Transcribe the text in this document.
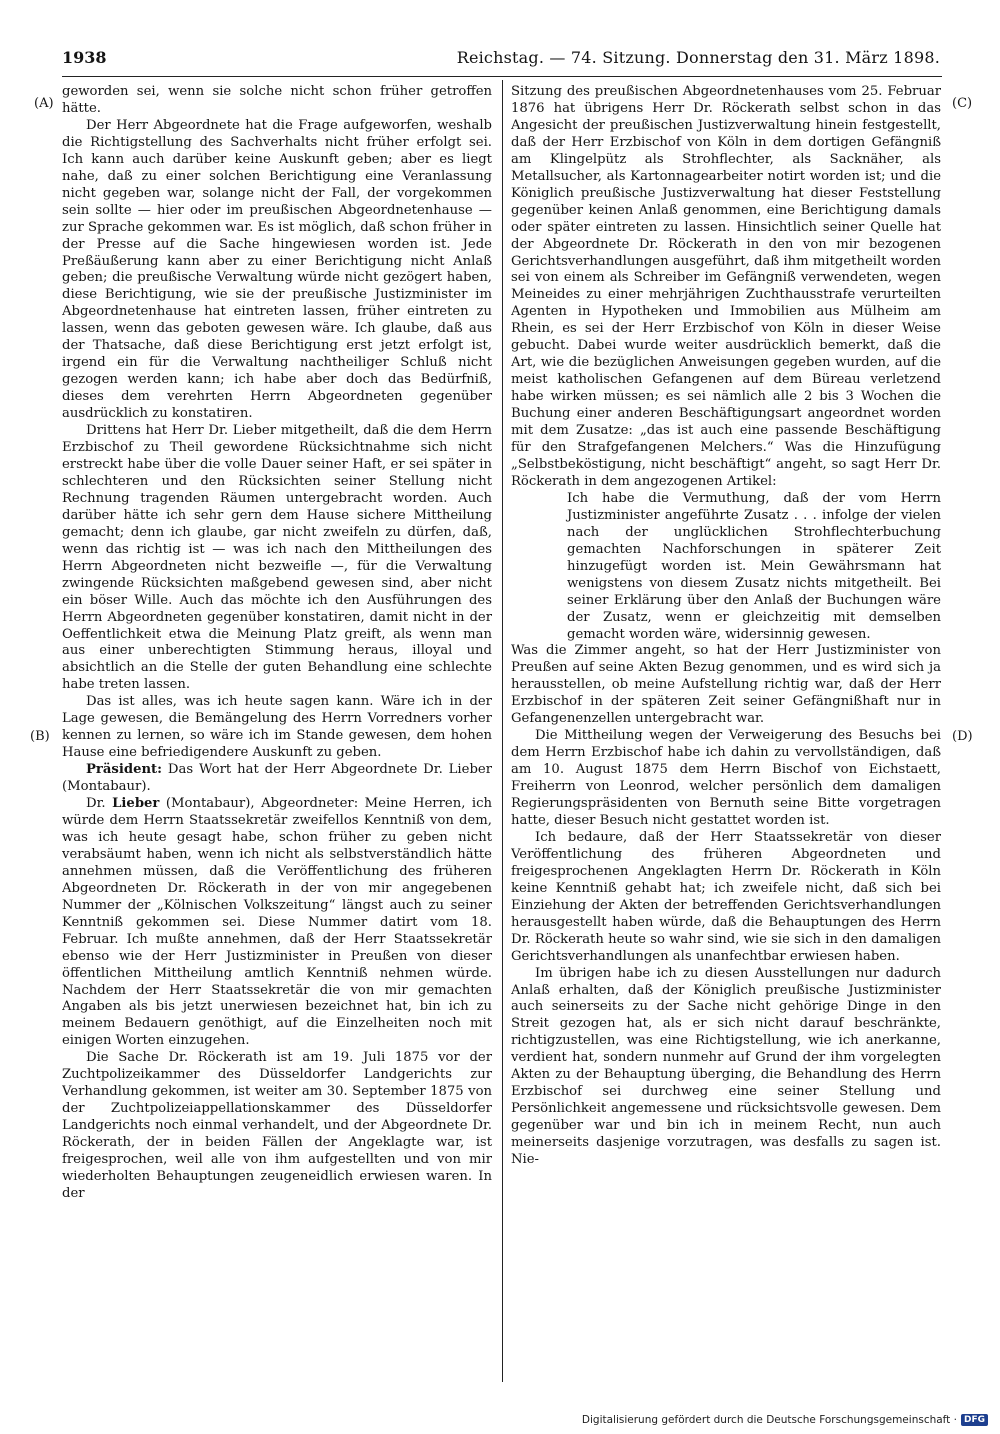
1938	Reichstag. — 74. Sitzung. Donnerstag den 31. März 1898.
(A)
(B)
(C)
(D)

geworden sei, wenn sie solche nicht schon früher getroffen hätte.

Der Herr Abgeordnete hat die Frage aufgeworfen, weshalb die Richtigstellung des Sachverhalts nicht früher erfolgt sei. Ich kann auch darüber keine Auskunft geben; aber es liegt nahe, daß zu einer solchen Berichtigung eine Veranlassung nicht gegeben war, solange nicht der Fall, der vorgekommen sein sollte — hier oder im preußischen Abgeordnetenhause — zur Sprache gekommen war. Es ist möglich, daß schon früher in der Presse auf die Sache hingewiesen worden ist. Jede Preßäußerung kann aber zu einer Berichtigung nicht Anlaß geben; die preußische Verwaltung würde nicht gezögert haben, diese Berichtigung, wie sie der preußische Justizminister im Abgeordnetenhause hat eintreten lassen, früher eintreten zu lassen, wenn das geboten gewesen wäre. Ich glaube, daß aus der Thatsache, daß diese Berichtigung erst jetzt erfolgt ist, irgend ein für die Verwaltung nachtheiliger Schluß nicht gezogen werden kann; ich habe aber doch das Bedürfniß, dieses dem verehrten Herrn Abgeordneten gegenüber ausdrücklich zu konstatiren.

Drittens hat Herr Dr. Lieber mitgetheilt, daß die dem Herrn Erzbischof zu Theil gewordene Rücksichtnahme sich nicht erstreckt habe über die volle Dauer seiner Haft, er sei später in schlechteren und den Rücksichten seiner Stellung nicht Rechnung tragenden Räumen untergebracht worden. Auch darüber hätte ich sehr gern dem Hause sichere Mittheilung gemacht; denn ich glaube, gar nicht zweifeln zu dürfen, daß, wenn das richtig ist — was ich nach den Mittheilungen des Herrn Abgeordneten nicht bezweifle —, für die Verwaltung zwingende Rücksichten maßgebend gewesen sind, aber nicht ein böser Wille. Auch das möchte ich den Ausführungen des Herrn Abgeordneten gegenüber konstatiren, damit nicht in der Oeffentlichkeit etwa die Meinung Platz greift, als wenn man aus einer unberechtigten Stimmung heraus, illoyal und absichtlich an die Stelle der guten Behandlung eine schlechte habe treten lassen.

Das ist alles, was ich heute sagen kann. Wäre ich in der Lage gewesen, die Bemängelung des Herrn Vorredners vorher kennen zu lernen, so wäre ich im Stande gewesen, dem hohen Hause eine befriedigendere Auskunft zu geben.

Präsident: Das Wort hat der Herr Abgeordnete Dr. Lieber (Montabaur).

Dr. Lieber (Montabaur), Abgeordneter: Meine Herren, ich würde dem Herrn Staatssekretär zweifellos Kenntniß von dem, was ich heute gesagt habe, schon früher zu geben nicht verabsäumt haben, wenn ich nicht als selbstverständlich hätte annehmen müssen, daß die Veröffentlichung des früheren Abgeordneten Dr. Röckerath in der von mir angegebenen Nummer der „Kölnischen Volkszeitung“ längst auch zu seiner Kenntniß gekommen sei. Diese Nummer datirt vom 18. Februar. Ich mußte annehmen, daß der Herr Staatssekretär ebenso wie der Herr Justizminister in Preußen von dieser öffentlichen Mittheilung amtlich Kenntniß nehmen würde. Nachdem der Herr Staatssekretär die von mir gemachten Angaben als bis jetzt unerwiesen bezeichnet hat, bin ich zu meinem Bedauern genöthigt, auf die Einzelheiten noch mit einigen Worten einzugehen.

Die Sache Dr. Röckerath ist am 19. Juli 1875 vor der Zuchtpolizeikammer des Düsseldorfer Landgerichts zur Verhandlung gekommen, ist weiter am 30. September 1875 von der Zuchtpolizeiappellationskammer des Düsseldorfer Landgerichts noch einmal verhandelt, und der Abgeordnete Dr. Röckerath, der in beiden Fällen der Angeklagte war, ist freigesprochen, weil alle von ihm aufgestellten und von mir wiederholten Behauptungen zeugeneidlich erwiesen waren. In der

Sitzung des preußischen Abgeordnetenhauses vom 25. Februar 1876 hat übrigens Herr Dr. Röckerath selbst schon in das Angesicht der preußischen Justizverwaltung hinein festgestellt, daß der Herr Erzbischof von Köln in dem dortigen Gefängniß am Klingelpütz als Strohflechter, als Sacknäher, als Metallsucher, als Kartonnagearbeiter notirt worden ist; und die Königlich preußische Justizverwaltung hat dieser Feststellung gegenüber keinen Anlaß genommen, eine Berichtigung damals oder später eintreten zu lassen. Hinsichtlich seiner Quelle hat der Abgeordnete Dr. Röckerath in den von mir bezogenen Gerichtsverhandlungen ausgeführt, daß ihm mitgetheilt worden sei von einem als Schreiber im Gefängniß verwendeten, wegen Meineides zu einer mehrjährigen Zuchthausstrafe verurteilten Agenten in Hypotheken und Immobilien aus Mülheim am Rhein, es sei der Herr Erzbischof von Köln in dieser Weise gebucht. Dabei wurde weiter ausdrücklich bemerkt, daß die Art, wie die bezüglichen Anweisungen gegeben wurden, auf die meist katholischen Gefangenen auf dem Büreau verletzend habe wirken müssen; es sei nämlich alle 2 bis 3 Wochen die Buchung einer anderen Beschäftigungsart angeordnet worden mit dem Zusatze: „das ist auch eine passende Beschäftigung für den Strafgefangenen Melchers.“ Was die Hinzufügung „Selbstbeköstigung, nicht beschäftigt“ angeht, so sagt Herr Dr. Röckerath in dem angezogenen Artikel:

Ich habe die Vermuthung, daß der vom Herrn Justizminister angeführte Zusatz . . . infolge der vielen nach der unglücklichen Strohflechterbuchung gemachten Nachforschungen in späterer Zeit hinzugefügt worden ist. Mein Gewährsmann hat wenigstens von diesem Zusatz nichts mitgetheilt. Bei seiner Erklärung über den Anlaß der Buchungen wäre der Zusatz, wenn er gleichzeitig mit demselben gemacht worden wäre, widersinnig gewesen.

Was die Zimmer angeht, so hat der Herr Justizminister von Preußen auf seine Akten Bezug genommen, und es wird sich ja herausstellen, ob meine Aufstellung richtig war, daß der Herr Erzbischof in der späteren Zeit seiner Gefängnißhaft nur in Gefangenenzellen untergebracht war.

Die Mittheilung wegen der Verweigerung des Besuchs bei dem Herrn Erzbischof habe ich dahin zu vervollständigen, daß am 10. August 1875 dem Herrn Bischof von Eichstaett, Freiherrn von Leonrod, welcher persönlich dem damaligen Regierungspräsidenten von Bernuth seine Bitte vorgetragen hatte, dieser Besuch nicht gestattet worden ist.

Ich bedaure, daß der Herr Staatssekretär von dieser Veröffentlichung des früheren Abgeordneten und freigesprochenen Angeklagten Herrn Dr. Röckerath in Köln keine Kenntniß gehabt hat; ich zweifele nicht, daß sich bei Einziehung der Akten der betreffenden Gerichtsverhandlungen herausgestellt haben würde, daß die Behauptungen des Herrn Dr. Röckerath heute so wahr sind, wie sie sich in den damaligen Gerichtsverhandlungen als unanfechtbar erwiesen haben.

Im übrigen habe ich zu diesen Ausstellungen nur dadurch Anlaß erhalten, daß der Königlich preußische Justizminister auch seinerseits zu der Sache nicht gehörige Dinge in den Streit gezogen hat, als er sich nicht darauf beschränkte, richtigzustellen, was eine Richtigstellung, wie ich anerkanne, verdient hat, sondern nunmehr auf Grund der ihm vorgelegten Akten zu der Behauptung überging, die Behandlung des Herrn Erzbischof sei durchweg eine seiner Stellung und Persönlichkeit angemessene und rücksichtsvolle gewesen. Dem gegenüber war und bin ich in meinem Recht, nun auch meinerseits dasjenige vorzutragen, was desfalls zu sagen ist. Nie-

Digitalisierung gefördert durch die Deutsche Forschungsgemeinschaft · DFG
